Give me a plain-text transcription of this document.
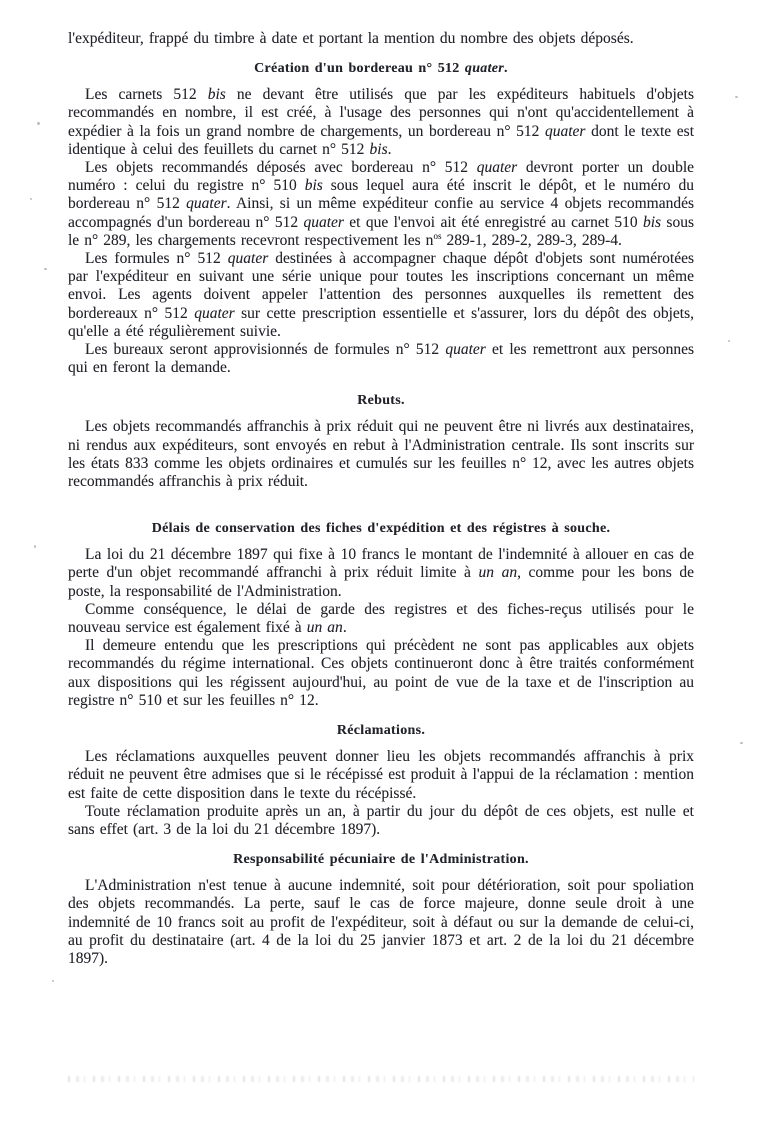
l'expéditeur, frappé du timbre à date et portant la mention du nombre des objets déposés.

Création d'un bordereau n° 512 quater.

Les carnets 512 bis ne devant être utilisés que par les expéditeurs habituels d'objets recommandés en nombre, il est créé, à l'usage des personnes qui n'ont qu'accidentellement à expédier à la fois un grand nombre de chargements, un bordereau n° 512 quater dont le texte est identique à celui des feuillets du carnet n° 512 bis.

Les objets recommandés déposés avec bordereau n° 512 quater devront porter un double numéro : celui du registre n° 510 bis sous lequel aura été inscrit le dépôt, et le numéro du bordereau n° 512 quater. Ainsi, si un même expéditeur confie au service 4 objets recommandés accompagnés d'un bordereau n° 512 quater et que l'envoi ait été enregistré au carnet 510 bis sous le n° 289, les chargements recevront respectivement les $n^{os}$ 289-1, 289-2, 289-3, 289-4.

Les formules n° 512 quater destinées à accompagner chaque dépôt d'objets sont numérotées par l'expéditeur en suivant une série unique pour toutes les inscriptions concernant un même envoi. Les agents doivent appeler l'attention des personnes auxquelles ils remettent des bordereaux n° 512 quater sur cette prescription essentielle et s'assurer, lors du dépôt des objets, qu'elle a été régulièrement suivie.

Les bureaux seront approvisionnés de formules n° 512 quater et les remettront aux personnes qui en feront la demande.

Rebuts.

Les objets recommandés affranchis à prix réduit qui ne peuvent être ni livrés aux destinataires, ni rendus aux expéditeurs, sont envoyés en rebut à l'Administration centrale. Ils sont inscrits sur les états 833 comme les objets ordinaires et cumulés sur les feuilles n° 12, avec les autres objets recommandés affranchis à prix réduit.

Délais de conservation des fiches d'expédition et des régistres à souche.

La loi du 21 décembre 1897 qui fixe à 10 francs le montant de l'indemnité à allouer en cas de perte d'un objet recommandé affranchi à prix réduit limite à un an, comme pour les bons de poste, la responsabilité de l'Administration.

Comme conséquence, le délai de garde des registres et des fiches-reçus utilisés pour le nouveau service est également fixé à un an.

Il demeure entendu que les prescriptions qui précèdent ne sont pas applicables aux objets recommandés du régime international. Ces objets continueront donc à être traités conformément aux dispositions qui les régissent aujourd'hui, au point de vue de la taxe et de l'inscription au registre n° 510 et sur les feuilles n° 12.

Réclamations.

Les réclamations auxquelles peuvent donner lieu les objets recommandés affranchis à prix réduit ne peuvent être admises que si le récépissé est produit à l'appui de la réclamation : mention est faite de cette disposition dans le texte du récépissé.

Toute réclamation produite après un an, à partir du jour du dépôt de ces objets, est nulle et sans effet (art. 3 de la loi du 21 décembre 1897).

Responsabilité pécuniaire de l'Administration.

L'Administration n'est tenue à aucune indemnité, soit pour détérioration, soit pour spoliation des objets recommandés. La perte, sauf le cas de force majeure, donne seule droit à une indemnité de 10 francs soit au profit de l'expéditeur, soit à défaut ou sur la demande de celui-ci, au profit du destinataire (art. 4 de la loi du 25 janvier 1873 et art. 2 de la loi du 21 décembre 1897).
